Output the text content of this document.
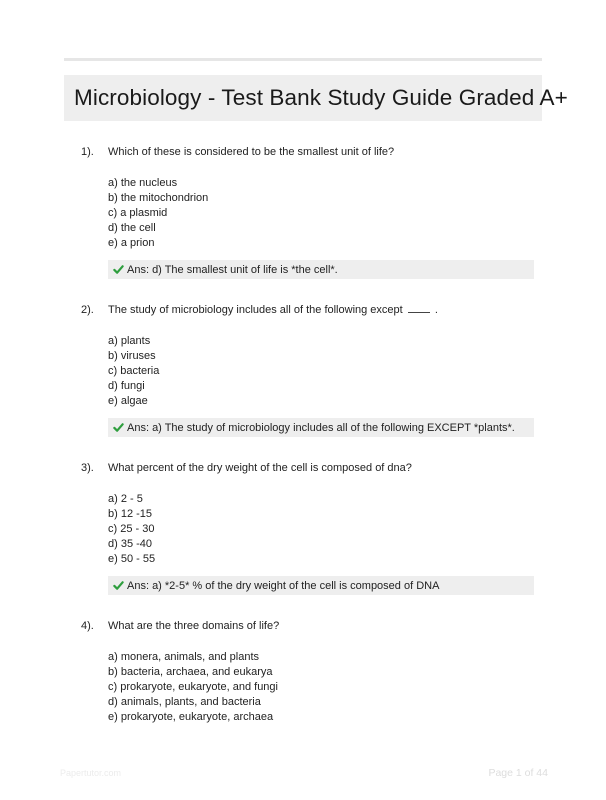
Microbiology - Test Bank Study Guide Graded A+
1). Which of these is considered to be the smallest unit of life?
a) the nucleus
b) the mitochondrion
c) a plasmid
d) the cell
e) a prion
Ans: d) The smallest unit of life is *the cell*.
2). The study of microbiology includes all of the following except	.
a) plants
b) viruses
c) bacteria
d) fungi
e) algae
Ans: a) The study of microbiology includes all of the following EXCEPT *plants*.
3). What percent of the dry weight of the cell is composed of dna?
a) 2 - 5
b) 12 -15
c) 25 - 30
d) 35 -40
e) 50 - 55
Ans: a) *2-5* % of the dry weight of the cell is composed of DNA
4). What are the three domains of life?
a) monera, animals, and plants
b) bacteria, archaea, and eukarya
c) prokaryote, eukaryote, and fungi
d) animals, plants, and bacteria
e) prokaryote, eukaryote, archaea
Papertutor.com	Page 1 of 44
